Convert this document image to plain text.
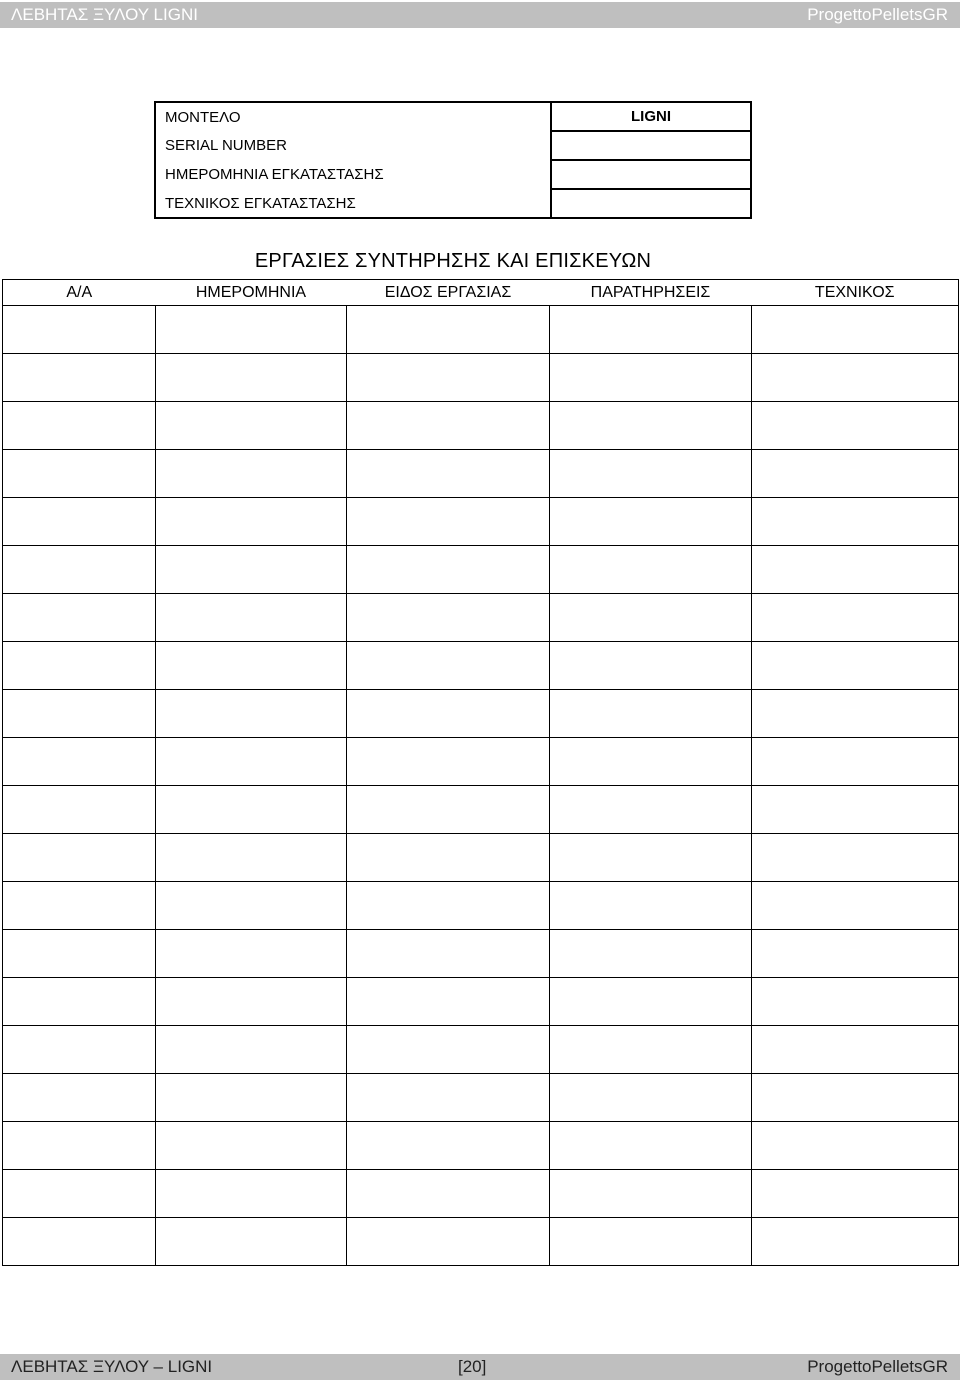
ΛΕΒΗΤΑΣ ΞΥΛΟΥ LIGNI	ProgettoPelletsGR
ΜΟΝΤΕΛΟ	LIGNI
SERIAL NUMBER	
ΗΜΕΡΟΜΗΝΙΑ ΕΓΚΑΤΑΣΤΑΣΗΣ	
ΤΕΧΝΙΚΟΣ ΕΓΚΑΤΑΣΤΑΣΗΣ	
ΕΡΓΑΣΙΕΣ ΣΥΝΤΗΡΗΣΗΣ ΚΑΙ ΕΠΙΣΚΕΥΩΝ
Α/Α	ΗΜΕΡΟΜΗΝΙΑ	ΕΙΔΟΣ ΕΡΓΑΣΙΑΣ	ΠΑΡΑΤΗΡΗΣΕΙΣ	ΤΕΧΝΙΚΟΣ

ΛΕΒΗΤΑΣ ΞΥΛΟΥ – LIGNI	[20]	ProgettoPelletsGR
